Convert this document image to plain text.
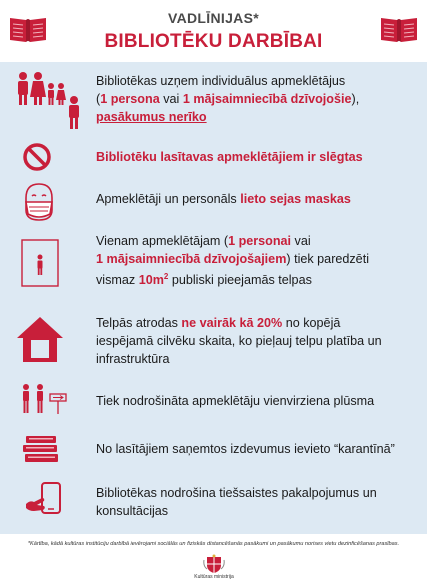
VADLĪNIJAS*
BIBLIOTĒKU DARBĪBAI
Bibliotēkas uzņem individuālus apmeklētājus
(1 persona vai 1 mājsaimniecībā dzīvojošie),
pasākumus nerīko
Bibliotēku lasītavas apmeklētājiem ir slēgtas
Apmeklētāji un personāls lieto sejas maskas
Vienam apmeklētājam (1 personai vai
1 mājsaimniecībā dzīvojošajiem) tiek paredzēti
vismaz $10m^2$ publiski pieejamās telpas
Telpās atrodas ne vairāk kā 20% no kopējā
iespējamā cilvēku skaita, ko pieļauj telpu platība un
infrastruktūra
Tiek nodrošināta apmeklētāju vienvirziena plūsma
No lasītājiem saņemtos izdevumus ievieto “karantīnā”
Bibliotēkas nodrošina tiešsaistes pakalpojumus un
konsultācijas
*Kārtība, kādā kultūras institūciju darbībā ievērojami sociālās un fiziskās distancēšanās pasākumi un pasākumu norises vietu dezinficēšanas prasības.
Kultūras ministrija
